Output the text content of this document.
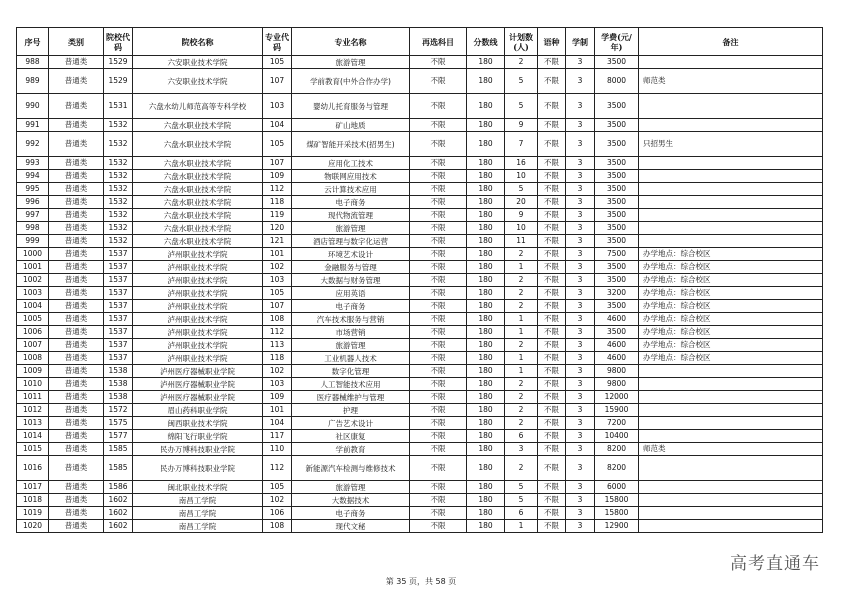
序号	类别	院校代码	院校名称	专业代码	专业名称	再选科目	分数线	计划数(人)	语种	学制	学费(元/年)	备注
988	普通类	1529	六安职业技术学院	105	旅游管理	不限	180	2	不限	3	3500	
989	普通类	1529	六安职业技术学院	107	学前教育(中外合作办学)	不限	180	5	不限	3	8000	师范类
990	普通类	1531	六盘水幼儿师范高等专科学校	103	婴幼儿托育服务与管理	不限	180	5	不限	3	3500	
991	普通类	1532	六盘水职业技术学院	104	矿山地质	不限	180	9	不限	3	3500	
992	普通类	1532	六盘水职业技术学院	105	煤矿智能开采技术(招男生)	不限	180	7	不限	3	3500	只招男生
993	普通类	1532	六盘水职业技术学院	107	应用化工技术	不限	180	16	不限	3	3500	
994	普通类	1532	六盘水职业技术学院	109	物联网应用技术	不限	180	10	不限	3	3500	
995	普通类	1532	六盘水职业技术学院	112	云计算技术应用	不限	180	5	不限	3	3500	
996	普通类	1532	六盘水职业技术学院	118	电子商务	不限	180	20	不限	3	3500	
997	普通类	1532	六盘水职业技术学院	119	现代物流管理	不限	180	9	不限	3	3500	
998	普通类	1532	六盘水职业技术学院	120	旅游管理	不限	180	10	不限	3	3500	
999	普通类	1532	六盘水职业技术学院	121	酒店管理与数字化运营	不限	180	11	不限	3	3500	
1000	普通类	1537	泸州职业技术学院	101	环境艺术设计	不限	180	2	不限	3	7500	办学地点：综合校区
1001	普通类	1537	泸州职业技术学院	102	金融服务与管理	不限	180	1	不限	3	3500	办学地点：综合校区
1002	普通类	1537	泸州职业技术学院	103	大数据与财务管理	不限	180	2	不限	3	3500	办学地点：综合校区
1003	普通类	1537	泸州职业技术学院	105	应用英语	不限	180	2	不限	3	3200	办学地点：综合校区
1004	普通类	1537	泸州职业技术学院	107	电子商务	不限	180	2	不限	3	3500	办学地点：综合校区
1005	普通类	1537	泸州职业技术学院	108	汽车技术服务与营销	不限	180	1	不限	3	4600	办学地点：综合校区
1006	普通类	1537	泸州职业技术学院	112	市场营销	不限	180	1	不限	3	3500	办学地点：综合校区
1007	普通类	1537	泸州职业技术学院	113	旅游管理	不限	180	2	不限	3	4600	办学地点：综合校区
1008	普通类	1537	泸州职业技术学院	118	工业机器人技术	不限	180	1	不限	3	4600	办学地点：综合校区
1009	普通类	1538	泸州医疗器械职业学院	102	数字化管理	不限	180	1	不限	3	9800	
1010	普通类	1538	泸州医疗器械职业学院	103	人工智能技术应用	不限	180	2	不限	3	9800	
1011	普通类	1538	泸州医疗器械职业学院	109	医疗器械维护与管理	不限	180	2	不限	3	12000	
1012	普通类	1572	眉山药科职业学院	101	护理	不限	180	2	不限	3	15900	
1013	普通类	1575	闽西职业技术学院	104	广告艺术设计	不限	180	2	不限	3	7200	
1014	普通类	1577	绵阳飞行职业学院	117	社区康复	不限	180	6	不限	3	10400	
1015	普通类	1585	民办万博科技职业学院	110	学前教育	不限	180	3	不限	3	8200	师范类
1016	普通类	1585	民办万博科技职业学院	112	新能源汽车检测与维修技术	不限	180	2	不限	3	8200	
1017	普通类	1586	闽北职业技术学院	105	旅游管理	不限	180	5	不限	3	6000	
1018	普通类	1602	南昌工学院	102	大数据技术	不限	180	5	不限	3	15800	
1019	普通类	1602	南昌工学院	106	电子商务	不限	180	6	不限	3	15800	
1020	普通类	1602	南昌工学院	108	现代文秘	不限	180	1	不限	3	12900	
第 35 页，共 58 页
高考直通车
